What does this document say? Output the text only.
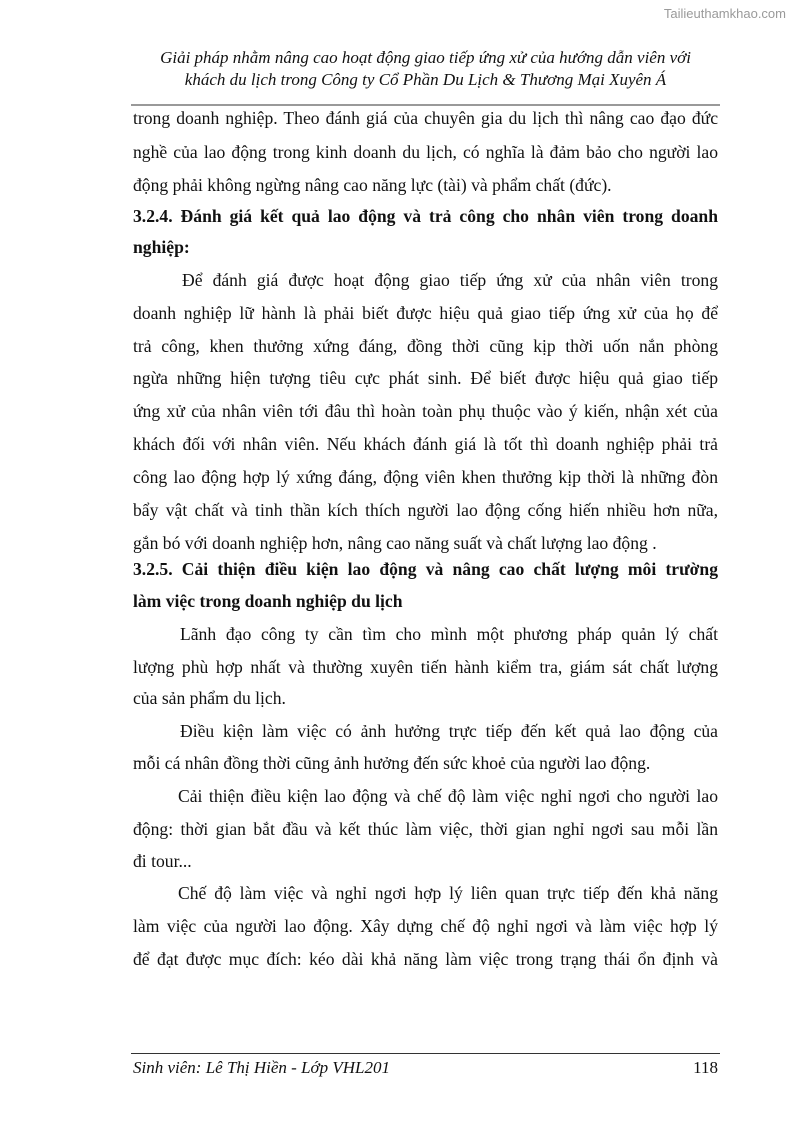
Tailieuthamkhao.com
Giải pháp nhằm nâng cao hoạt động giao tiếp ứng xử của hướng dẫn viên với
khách du lịch trong Công ty Cổ Phần Du Lịch & Thương Mại Xuyên Á
trong doanh nghiệp. Theo đánh giá của chuyên gia du lịch thì nâng cao đạo đức
nghề của lao động trong kinh doanh du lịch, có nghĩa là đảm bảo cho người lao
động phải không ngừng nâng cao năng lực (tài) và phẩm chất (đức).
3.2.4. Đánh giá kết quả lao động và trả công cho nhân viên trong doanh
nghiệp:
Để đánh giá được hoạt động giao tiếp ứng xử của nhân viên trong
doanh nghiệp lữ hành là phải biết được hiệu quả giao tiếp ứng xử của họ để
trả công, khen thưởng xứng đáng, đồng thời cũng kịp thời uốn nắn phòng
ngừa những hiện tượng tiêu cực phát sinh. Để biết được hiệu quả giao tiếp
ứng xử của nhân viên tới đâu thì hoàn toàn phụ thuộc vào ý kiến, nhận xét của
khách đối với nhân viên. Nếu khách đánh giá là tốt thì doanh nghiệp phải trả
công lao động hợp lý xứng đáng, động viên khen thưởng kịp thời là những đòn
bẩy vật chất và tinh thần kích thích người lao động cống hiến nhiều hơn nữa,
gắn bó với doanh nghiệp hơn, nâng cao năng suất và chất lượng lao động .
3.2.5. Cải thiện điều kiện lao động và nâng cao chất lượng môi trường
làm việc trong doanh nghiệp du lịch
Lãnh đạo công ty cần tìm cho mình một phương pháp quản lý chất
lượng phù hợp nhất và thường xuyên tiến hành kiểm tra, giám sát chất lượng
của sản phẩm du lịch.
Điều kiện làm việc có ảnh hưởng trực tiếp đến kết quả lao động của
mỗi cá nhân đồng thời cũng ảnh hưởng đến sức khoẻ của người lao động.
Cải thiện điều kiện lao động và chế độ làm việc nghỉ ngơi cho người lao
động: thời gian bắt đầu và kết thúc làm việc, thời gian nghỉ ngơi sau mỗi lần
đi tour...
Chế độ làm việc và nghỉ ngơi hợp lý liên quan trực tiếp đến khả năng
làm việc của người lao động. Xây dựng chế độ nghỉ ngơi và làm việc hợp lý
để đạt được mục đích: kéo dài khả năng làm việc trong trạng thái ổn định và
Sinh viên: Lê Thị Hiền - Lớp VHL201	118
